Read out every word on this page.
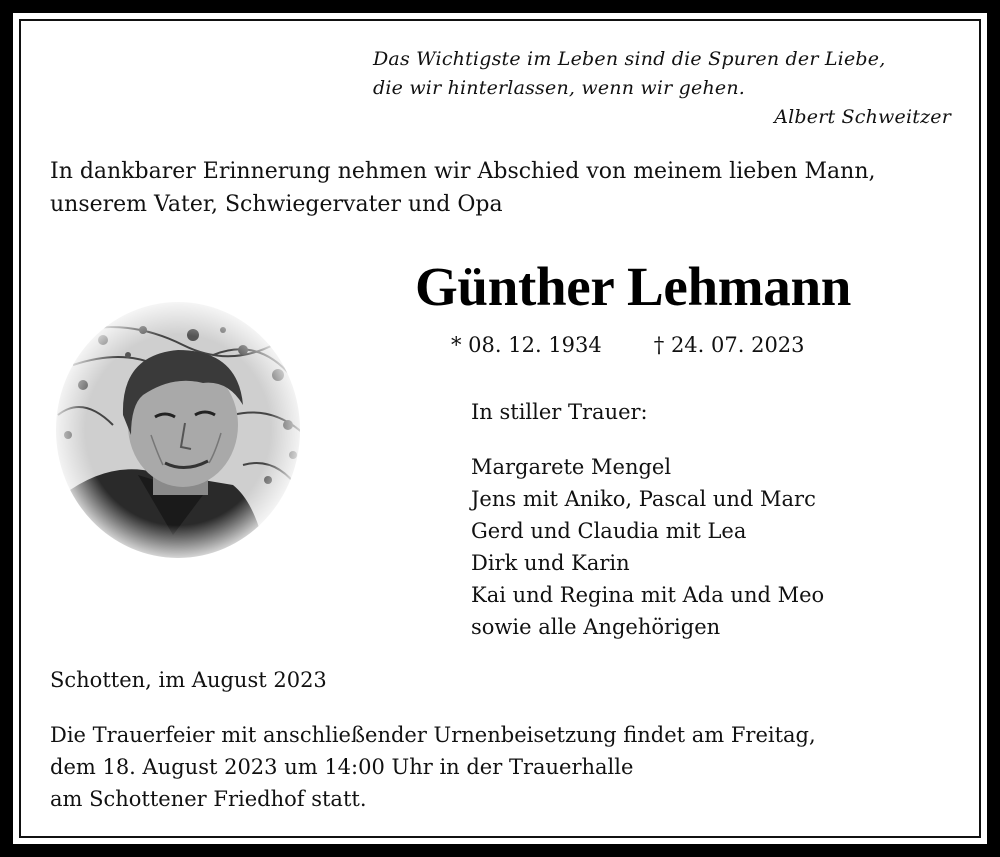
Das Wichtigste im Leben sind die Spuren der Liebe,
die wir hinterlassen, wenn wir gehen.
Albert Schweitzer
In dankbarer Erinnerung nehmen wir Abschied von meinem lieben Mann,
unserem Vater, Schwiegervater und Opa
Günther Lehmann
* 08. 12. 1934 † 24. 07. 2023
In stiller Trauer:
Margarete Mengel
Jens mit Aniko, Pascal und Marc
Gerd und Claudia mit Lea
Dirk und Karin
Kai und Regina mit Ada und Meo
sowie alle Angehörigen
Schotten, im August 2023
Die Trauerfeier mit anschließender Urnenbeisetzung findet am Freitag,
dem 18. August 2023 um 14:00 Uhr in der Trauerhalle
am Schottener Friedhof statt.
